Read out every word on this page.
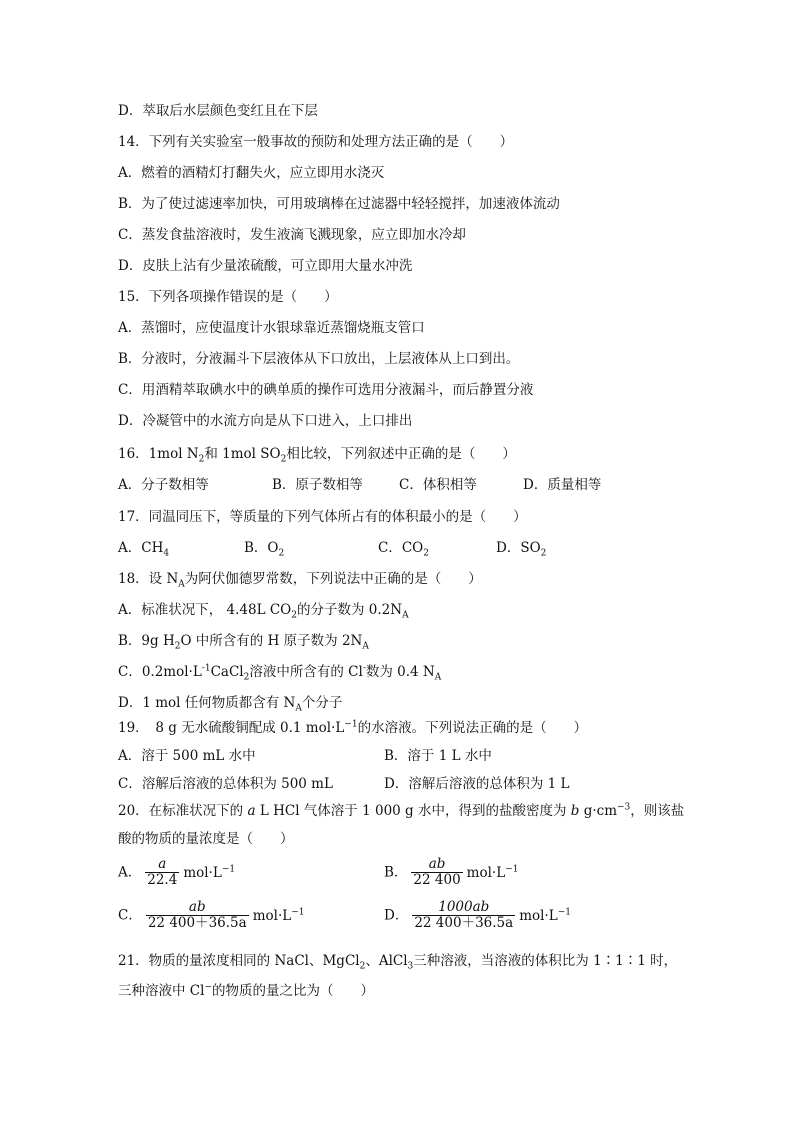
D．萃取后水层颜色变红且在下层
14．下列有关实验室一般事故的预防和处理方法正确的是（　　）
A．燃着的酒精灯打翻失火，应立即用水浇灭
B．为了使过滤速率加快，可用玻璃棒在过滤器中轻轻搅拌，加速液体流动
C．蒸发食盐溶液时，发生液滴飞溅现象，应立即加水冷却
D．皮肤上沾有少量浓硫酸，可立即用大量水冲洗
15．下列各项操作错误的是（　　）
A．蒸馏时，应使温度计水银球靠近蒸馏烧瓶支管口
B．分液时，分液漏斗下层液体从下口放出，上层液体从上口到出。
C．用酒精萃取碘水中的碘单质的操作可选用分液漏斗，而后静置分液
D．冷凝管中的水流方向是从下口进入，上口排出
16．1mol $N_2$和 1mol $SO_2$相比较，下列叙述中正确的是（　　）
A．分子数相等	B．原子数相等	C．体积相等	D．质量相等
17．同温同压下，等质量的下列气体所占有的体积最小的是（　　）
A．$CH_4$	B．$O_2$	C．$CO_2$	D．$SO_2$
18．设 $N_A$为阿伏伽德罗常数，下列说法中正确的是（　　）
A．标准状况下， 4.48L $CO_2$的分子数为 $0.2N_A$
B．9g $H_2O$ 中所含有的 H 原子数为 $2N_A$
C．$0.2mol\cdot L^{-1}CaCl_2$溶液中所含有的 Cl-数为 0.4 $N_A$
D．1 mol 任何物质都含有 $N_A$个分子
19．　8 g 无水硫酸铜配成 0.1 $mol\cdot L^{-1}$的水溶液。下列说法正确的是（　　）
A．溶于 500 mL 水中	B．溶于 1 L 水中
C．溶解后溶液的总体积为 500 mL	D．溶解后溶液的总体积为 1 L
20．在标准状况下的 a L HCl 气体溶于 1 000 g 水中，得到的盐酸密度为 b $g\cdot cm^{-3}$，则该盐
酸的物质的量浓度是（　　）
A． $\frac{a}{22.4} mol\cdot L^{-1}$	B． $\frac{ab}{22 400} mol\cdot L^{-1}$
C． $\frac{ab}{22 400+36.5a} mol\cdot L^{-1}$	D． $\frac{1000ab}{22 400+36.5a} mol\cdot L^{-1}$
21．物质的量浓度相同的 NaCl、MgCl$_2$、AlCl$_3$三种溶液，当溶液的体积比为 1∶1∶1 时，
三种溶液中 Cl−的物质的量之比为（　　）
